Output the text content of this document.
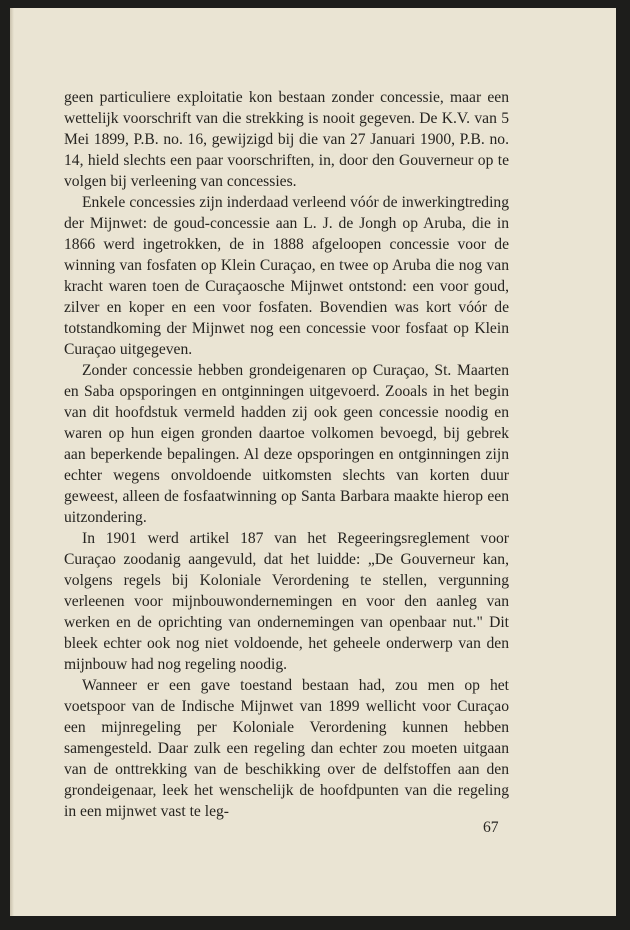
geen particuliere exploitatie kon bestaan zonder concessie, maar een wettelijk voorschrift van die strekking is nooit gegeven. De K.V. van 5 Mei 1899, P.B. no. 16, gewijzigd bij die van 27 Januari 1900, P.B. no. 14, hield slechts een paar voorschriften, in, door den Gouverneur op te volgen bij verleening van concessies.

Enkele concessies zijn inderdaad verleend vóór de inwerkingtreding der Mijnwet: de goud-concessie aan L. J. de Jongh op Aruba, die in 1866 werd ingetrokken, de in 1888 afgeloopen concessie voor de winning van fosfaten op Klein Curaçao, en twee op Aruba die nog van kracht waren toen de Curaçaosche Mijnwet ontstond: een voor goud, zilver en koper en een voor fosfaten. Bovendien was kort vóór de totstandkoming der Mijnwet nog een concessie voor fosfaat op Klein Curaçao uitgegeven.

Zonder concessie hebben grondeigenaren op Curaçao, St. Maarten en Saba opsporingen en ontginningen uitgevoerd. Zooals in het begin van dit hoofdstuk vermeld hadden zij ook geen concessie noodig en waren op hun eigen gronden daartoe volkomen bevoegd, bij gebrek aan beperkende bepalingen. Al deze opsporingen en ontginningen zijn echter wegens onvoldoende uitkomsten slechts van korten duur geweest, alleen de fosfaatwinning op Santa Barbara maakte hierop een uitzondering.

In 1901 werd artikel 187 van het Regeeringsreglement voor Curaçao zoodanig aangevuld, dat het luidde: „De Gouverneur kan, volgens regels bij Koloniale Verordening te stellen, vergunning verleenen voor mijnbouwondernemingen en voor den aanleg van werken en de oprichting van ondernemingen van openbaar nut." Dit bleek echter ook nog niet voldoende, het geheele onderwerp van den mijnbouw had nog regeling noodig.

Wanneer er een gave toestand bestaan had, zou men op het voetspoor van de Indische Mijnwet van 1899 wellicht voor Curaçao een mijnregeling per Koloniale Verordening kunnen hebben samengesteld. Daar zulk een regeling dan echter zou moeten uitgaan van de onttrekking van de beschikking over de delfstoffen aan den grondeigenaar, leek het wenschelijk de hoofdpunten van die regeling in een mijnwet vast te leg-

67
